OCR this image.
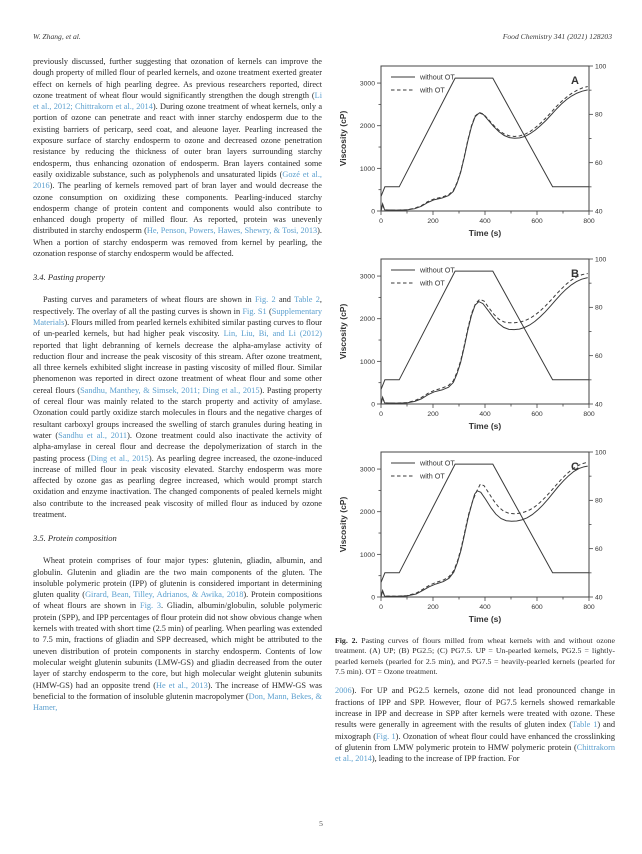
W. Zhang, et al.	Food Chemistry 341 (2021) 128203

previously discussed, further suggesting that ozonation of kernels can improve the dough property of milled flour of pearled kernels, and ozone treatment exerted greater effect on kernels of high pearling degree. As previous researchers reported, direct ozone treatment of wheat flour would significantly strengthen the dough strength (Li et al., 2012; Chittrakorn et al., 2014). During ozone treatment of wheat kernels, only a portion of ozone can penetrate and react with inner starchy endosperm due to the existing barriers of pericarp, seed coat, and aleuone layer. Pearling increased the exposure surface of starchy endosperm to ozone and decreased ozone penetration resistance by reducing the thickness of outer bran layers surrounding starchy endosperm, thus enhancing ozonation of endosperm. Bran layers contained some easily oxidizable substance, such as polyphenols and unsaturated lipids (Gozé et al., 2016). The pearling of kernels removed part of bran layer and would decrease the ozone consumption on oxidizing these components. Pearling-induced starchy endosperm change of protein content and components would also contribute to enhanced dough property of milled flour. As reported, protein was unevenly distributed in starchy endosperm (He, Penson, Powers, Hawes, Shewry, & Tosi, 2013). When a portion of starchy endosperm was removed from kernel by pearling, the ozonation response of starchy endosperm would be affected.

3.4. Pasting property

Pasting curves and parameters of wheat flours are shown in Fig. 2 and Table 2, respectively. The overlay of all the pasting curves is shown in Fig. S1 (Supplementary Materials). Flours milled from pearled kernels exhibited similar pasting curves to flour of un-pearled kernels, but had higher peak viscosity. Lin, Liu, Bi, and Li (2012) reported that light debranning of kernels decrease the alpha-amylase activity of reduction flour and increase the peak viscosity of this stream. After ozone treatment, all three kernels exhibited slight increase in pasting viscosity of milled flour. Similar phenomenon was reported in direct ozone treatment of wheat flour and some other cereal flours (Sandhu, Manthey, & Simsek, 2011; Ding et al., 2015). Pasting property of cereal flour was mainly related to the starch property and activity of amylase. Ozonation could partly oxidize starch molecules in flours and the negative charges of resultant carboxyl groups increased the swelling of starch granules during heating in water (Sandhu et al., 2011). Ozone treatment could also inactivate the activity of alpha-amylase in cereal flour and decrease the depolymerization of starch in the pasting process (Ding et al., 2015). As pearling degree increased, the ozone-induced increase of milled flour in peak viscosity elevated. Starchy endosperm was more affected by ozone gas as pearling degree increased, which would prompt starch oxidation and enzyme inactivation. The changed components of pealed kernels might also contribute to the increased peak viscosity of milled flour as induced by ozone treatment.

3.5. Protein composition

Wheat protein comprises of four major types: glutenin, gliadin, albumin, and globulin. Glutenin and gliadin are the two main components of the gluten. The insoluble polymeric protein (IPP) of glutenin is considered important in determining gluten quality (Girard, Bean, Tilley, Adrianos, & Awika, 2018). Protein compositions of wheat flours are shown in Fig. 3. Gliadin, albumin/globulin, soluble polymeric protein (SPP), and IPP percentages of flour protein did not show obvious change when kernels with treated with short time (2.5 min) of pearling. When pearling was extended to 7.5 min, fractions of gliadin and SPP decreased, which might be attributed to the uneven distribution of protein components in starchy endosperm. Contents of low molecular weight glutenin subunits (LMW-GS) and gliadin decreased from the outer layer of starchy endosperm to the core, but high molecular weight glutenin subunits (HMW-GS) had an opposite trend (He et al., 2013). The increase of HMW-GS was beneficial to the formation of insoluble glutenin macropolymer (Don, Mann, Bekes, & Hamer,

0	200	400	600	800
0
1000
2000
3000
40
60
80
100
without OT
with OT
A
Viscosity (cP)
Time (s)
0	200	400	600	800
0
1000
2000
3000
40
60
80
100
without OT
with OT
B
Viscosity (cP)
Time (s)
0	200	400	600	800
0
1000
2000
3000
40
60
80
100
without OT
with OT
C
Viscosity (cP)
Time (s)

Fig. 2. Pasting curves of flours milled from wheat kernels with and without ozone treatment. (A) UP; (B) PG2.5; (C) PG7.5. UP = Un-pearled kernels, PG2.5 = lightly-pearled kernels (pearled for 2.5 min), and PG7.5 = heavily-pearled kernels (pearled for 7.5 min). OT = Ozone treatment.

2006). For UP and PG2.5 kernels, ozone did not lead pronounced change in fractions of IPP and SPP. However, flour of PG7.5 kernels showed remarkable increase in IPP and decrease in SPP after kernels were treated with ozone. These results were generally in agreement with the results of gluten index (Table 1) and mixograph (Fig. 1). Ozonation of wheat flour could have enhanced the crosslinking of glutenin from LMW polymeric protein to HMW polymeric protein (Chittrakorn et al., 2014), leading to the increase of IPP fraction. For

5
